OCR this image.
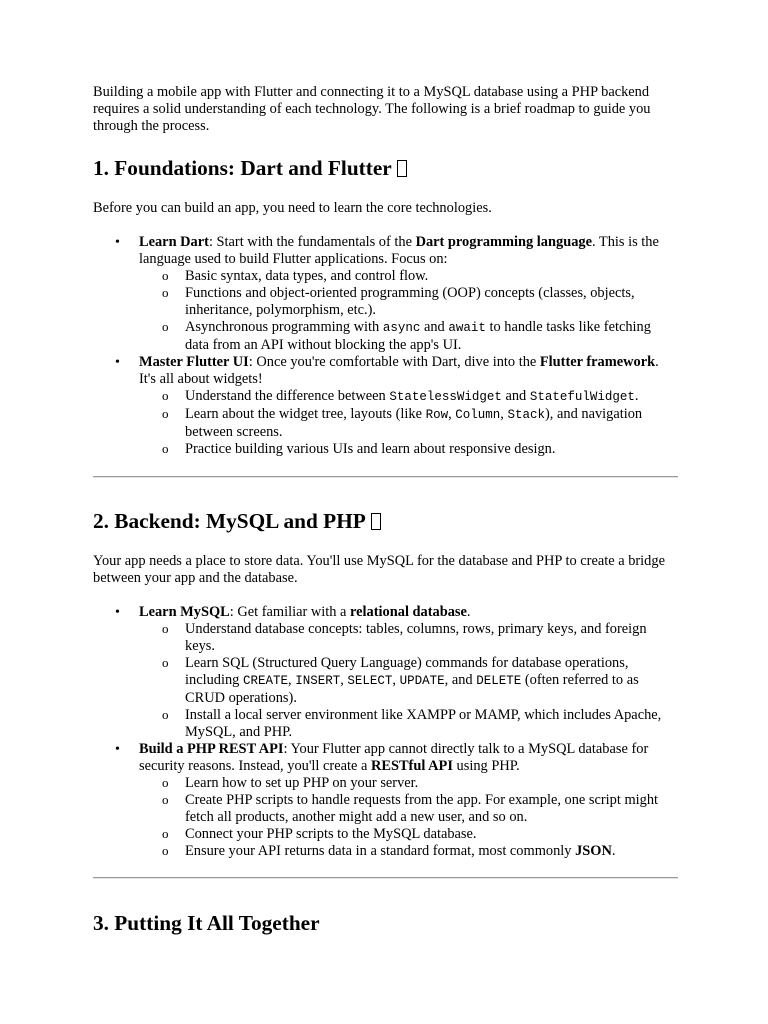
Building a mobile app with Flutter and connecting it to a MySQL database using a PHP backend requires a solid understanding of each technology. The following is a brief roadmap to guide you through the process.

1. Foundations: Dart and Flutter

Before you can build an app, you need to learn the core technologies.

• Learn Dart: Start with the fundamentals of the Dart programming language. This is the language used to build Flutter applications. Focus on:
o Basic syntax, data types, and control flow.
o Functions and object-oriented programming (OOP) concepts (classes, objects, inheritance, polymorphism, etc.).
o Asynchronous programming with async and await to handle tasks like fetching data from an API without blocking the app's UI.
• Master Flutter UI: Once you're comfortable with Dart, dive into the Flutter framework. It's all about widgets!
o Understand the difference between StatelessWidget and StatefulWidget.
o Learn about the widget tree, layouts (like Row, Column, Stack), and navigation between screens.
o Practice building various UIs and learn about responsive design.
2. Backend: MySQL and PHP

Your app needs a place to store data. You'll use MySQL for the database and PHP to create a bridge between your app and the database.

• Learn MySQL: Get familiar with a relational database.
o Understand database concepts: tables, columns, rows, primary keys, and foreign keys.
o Learn SQL (Structured Query Language) commands for database operations, including CREATE, INSERT, SELECT, UPDATE, and DELETE (often referred to as CRUD operations).
o Install a local server environment like XAMPP or MAMP, which includes Apache, MySQL, and PHP.
• Build a PHP REST API: Your Flutter app cannot directly talk to a MySQL database for security reasons. Instead, you'll create a RESTful API using PHP.
o Learn how to set up PHP on your server.
o Create PHP scripts to handle requests from the app. For example, one script might fetch all products, another might add a new user, and so on.
o Connect your PHP scripts to the MySQL database.
o Ensure your API returns data in a standard format, most commonly JSON.
3. Putting It All Together
